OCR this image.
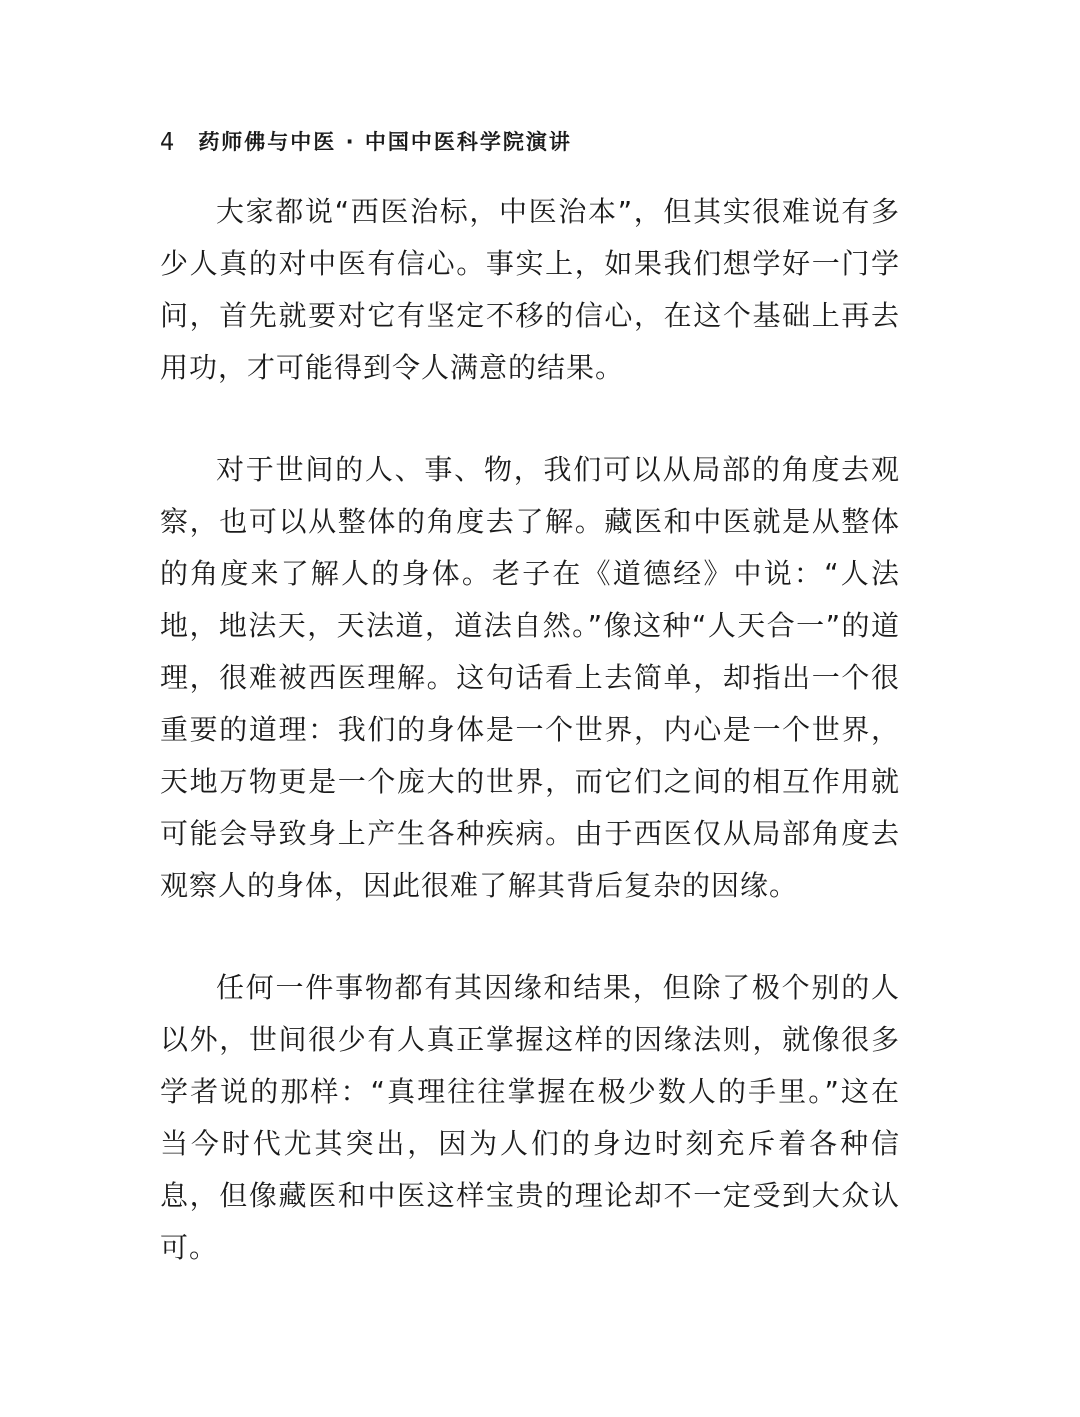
4 药师佛与中医 · 中国中医科学院演讲

大家都说“西医治标，中医治本”，但其实很难说有多少人真的对中医有信心。事实上，如果我们想学好一门学问，首先就要对它有坚定不移的信心，在这个基础上再去用功，才可能得到令人满意的结果。

对于世间的人、事、物，我们可以从局部的角度去观察，也可以从整体的角度去了解。藏医和中医就是从整体的角度来了解人的身体。老子在《道德经》中说：“人法地，地法天，天法道，道法自然。”像这种“人天合一”的道理，很难被西医理解。这句话看上去简单，却指出一个很重要的道理：我们的身体是一个世界，内心是一个世界，天地万物更是一个庞大的世界，而它们之间的相互作用就可能会导致身上产生各种疾病。由于西医仅从局部角度去观察人的身体，因此很难了解其背后复杂的因缘。

任何一件事物都有其因缘和结果，但除了极个别的人以外，世间很少有人真正掌握这样的因缘法则，就像很多学者说的那样：“真理往往掌握在极少数人的手里。”这在当今时代尤其突出，因为人们的身边时刻充斥着各种信息，但像藏医和中医这样宝贵的理论却不一定受到大众认可。
